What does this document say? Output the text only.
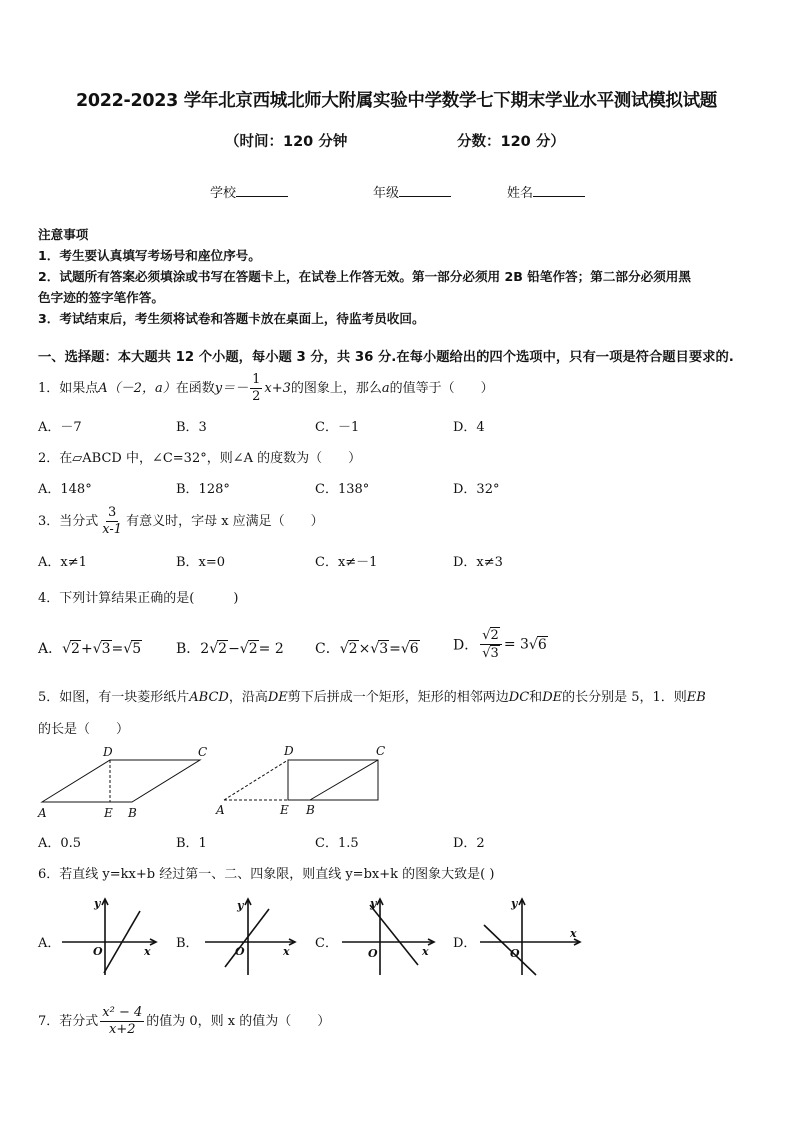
2022-2023 学年北京西城北师大附属实验中学数学七下期末学业水平测试模拟试题
（时间：120 分钟	分数：120 分）
学校	年级	姓名
注意事项
1．考生要认真填写考场号和座位序号。
2．试题所有答案必须填涂或书写在答题卡上，在试卷上作答无效。第一部分必须用 2B 铅笔作答；第二部分必须用黑
色字迹的签字笔作答。
3．考试结束后，考生须将试卷和答题卡放在桌面上，待监考员收回。
一、选择题：本大题共 12 个小题，每小题 3 分，共 36 分.在每小题给出的四个选项中，只有一项是符合题目要求的.
1．如果点A（－2，a）在函数$y=- \frac{1}{2} x+3$的图象上，那么a的值等于（　　）
A．－7	B．3	C．－1	D．4
2．在▱ABCD 中，∠C=32°，则∠A 的度数为（　　）
A．148°	B．128°	C．138°	D．32°
3．当分式 $\frac{3}{x-1}$ 有意义时，字母 x 应满足（　　）
A．x≠1	B．x=0	C．x≠－1	D．x≠3
4．下列计算结果正确的是(　　　)
A．√2+√3=√5 B．2√2−√2= 2 C．√2×√3=√6 D． $\frac{√2}{√3} = 3√6$
5．如图，有一块菱形纸片ABCD，沿高DE剪下后拼成一个矩形，矩形的相邻两边DC和DE的长分别是 5，1．则EB
的长是（　　）
D	C
A	E B
D	C
A	E B
A．0.5	B．1	C．1.5	D．2
6．若直线 y=kx+b 经过第一、二、四象限，则直线 y=bx+k 的图象大致是( )
A．	B．	C．	D．
y
x
O
y
x
O
y
x
O
y
x
O
7．若分式 $\frac{\text{x² − 4}}{x+2}$ 的值为 0，则 x 的值为（　　）
